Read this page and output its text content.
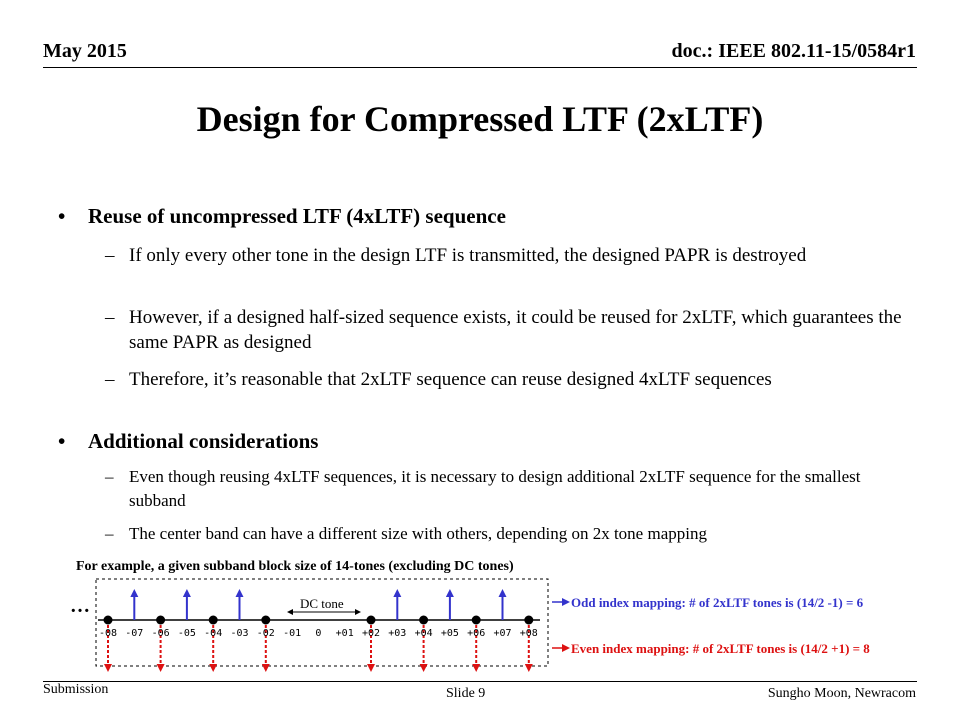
May 2015	doc.: IEEE 802.11-15/0584r1
Design for Compressed LTF (2xLTF)
• Reuse of uncompressed LTF (4xLTF) sequence
– If only every other tone in the design LTF is transmitted, the designed PAPR is destroyed
– However, if a designed half-sized sequence exists, it could be reused for 2xLTF, which guarantees the same PAPR as designed
– Therefore, it’s reasonable that 2xLTF sequence can reuse designed 4xLTF sequences
• Additional considerations
– Even though reusing 4xLTF sequences, it is necessary to design additional 2xLTF sequence for the smallest subband
– The center band can have a different size with others, depending on 2x tone mapping
For example, a given subband block size of 14-tones (excluding DC tones)
…	DC tone
-08 -07 -06 -05 -04 -03 -02 -01 0 +01 +02 +03 +04 +05 +06 +07 +08
Odd index mapping: # of 2xLTF tones is (14/2 -1) = 6
Even index mapping: # of 2xLTF tones is (14/2 +1) = 8
Submission	Slide 9	Sungho Moon, Newracom
